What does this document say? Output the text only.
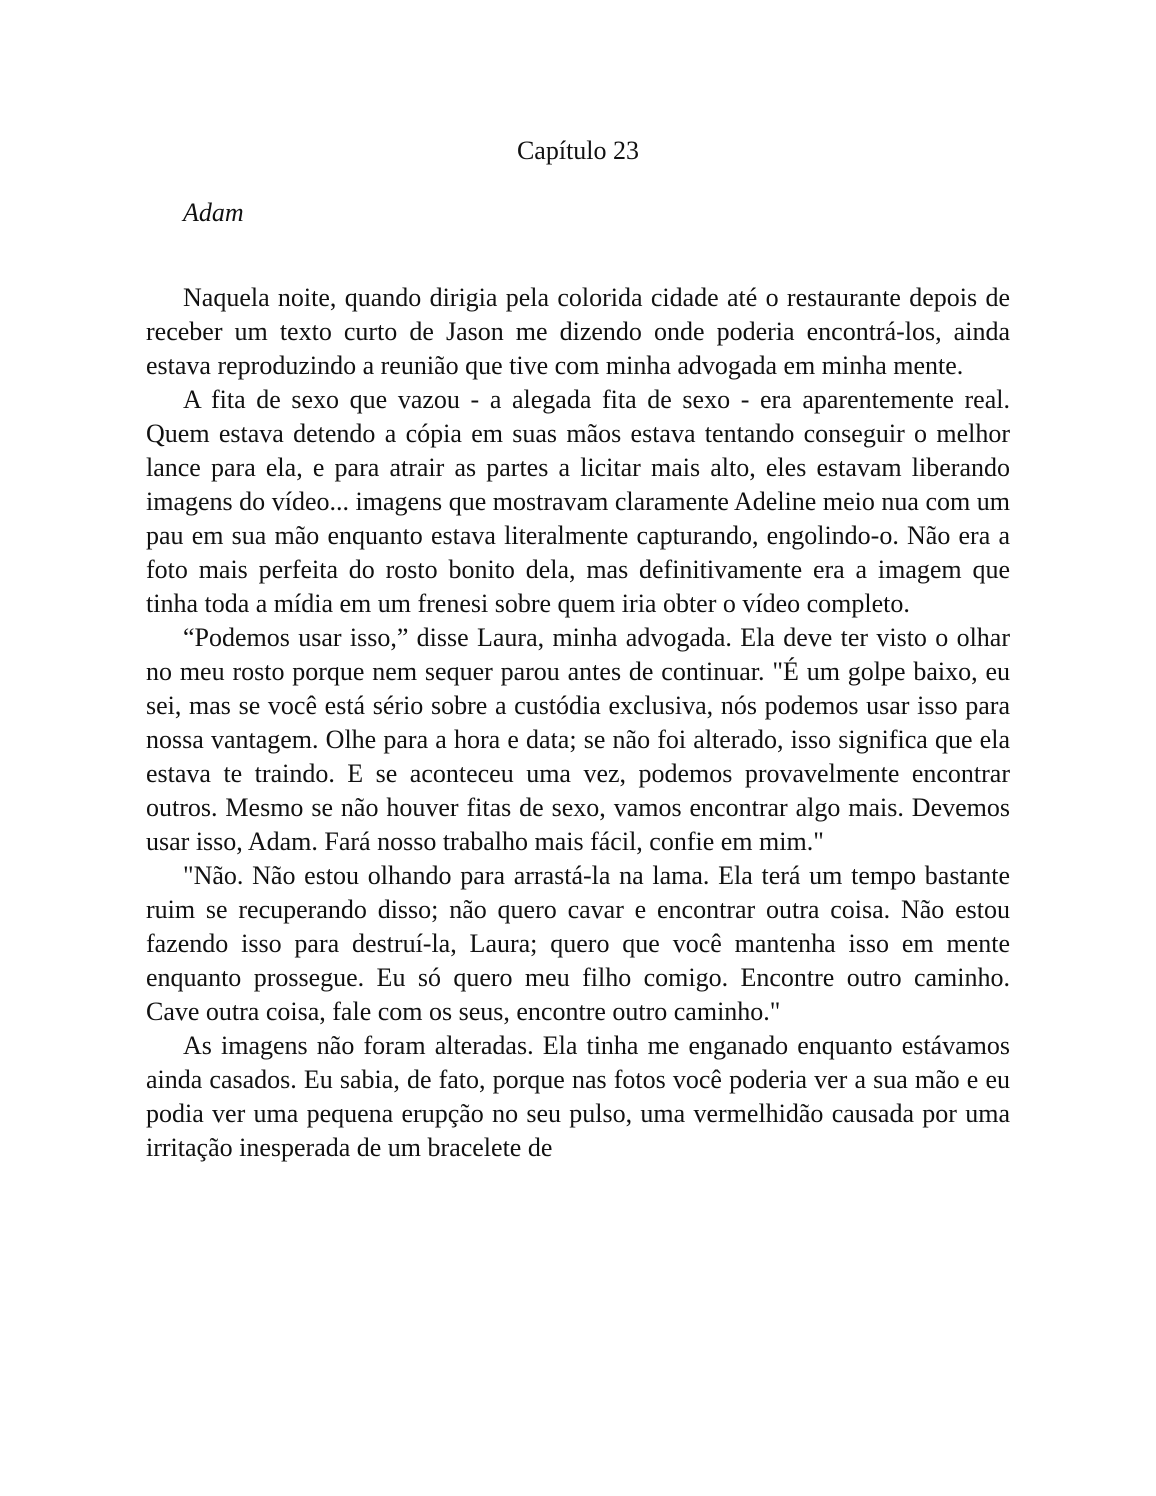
Capítulo 23
Adam

Naquela noite, quando dirigia pela colorida cidade até o restaurante depois de receber um texto curto de Jason me dizendo onde poderia encontrá-los, ainda estava reproduzindo a reunião que tive com minha advogada em minha mente.

A fita de sexo que vazou - a alegada fita de sexo - era aparentemente real. Quem estava detendo a cópia em suas mãos estava tentando conseguir o melhor lance para ela, e para atrair as partes a licitar mais alto, eles estavam liberando imagens do vídeo... imagens que mostravam claramente Adeline meio nua com um pau em sua mão enquanto estava literalmente capturando, engolindo-o. Não era a foto mais perfeita do rosto bonito dela, mas definitivamente era a imagem que tinha toda a mídia em um frenesi sobre quem iria obter o vídeo completo.

“Podemos usar isso,” disse Laura, minha advogada. Ela deve ter visto o olhar no meu rosto porque nem sequer parou antes de continuar. "É um golpe baixo, eu sei, mas se você está sério sobre a custódia exclusiva, nós podemos usar isso para nossa vantagem. Olhe para a hora e data; se não foi alterado, isso significa que ela estava te traindo. E se aconteceu uma vez, podemos provavelmente encontrar outros. Mesmo se não houver fitas de sexo, vamos encontrar algo mais. Devemos usar isso, Adam. Fará nosso trabalho mais fácil, confie em mim."

"Não. Não estou olhando para arrastá-la na lama. Ela terá um tempo bastante ruim se recuperando disso; não quero cavar e encontrar outra coisa. Não estou fazendo isso para destruí-la, Laura; quero que você mantenha isso em mente enquanto prossegue. Eu só quero meu filho comigo. Encontre outro caminho. Cave outra coisa, fale com os seus, encontre outro caminho."

As imagens não foram alteradas. Ela tinha me enganado enquanto estávamos ainda casados. Eu sabia, de fato, porque nas fotos você poderia ver a sua mão e eu podia ver uma pequena erupção no seu pulso, uma vermelhidão causada por uma irritação inesperada de um bracelete de
